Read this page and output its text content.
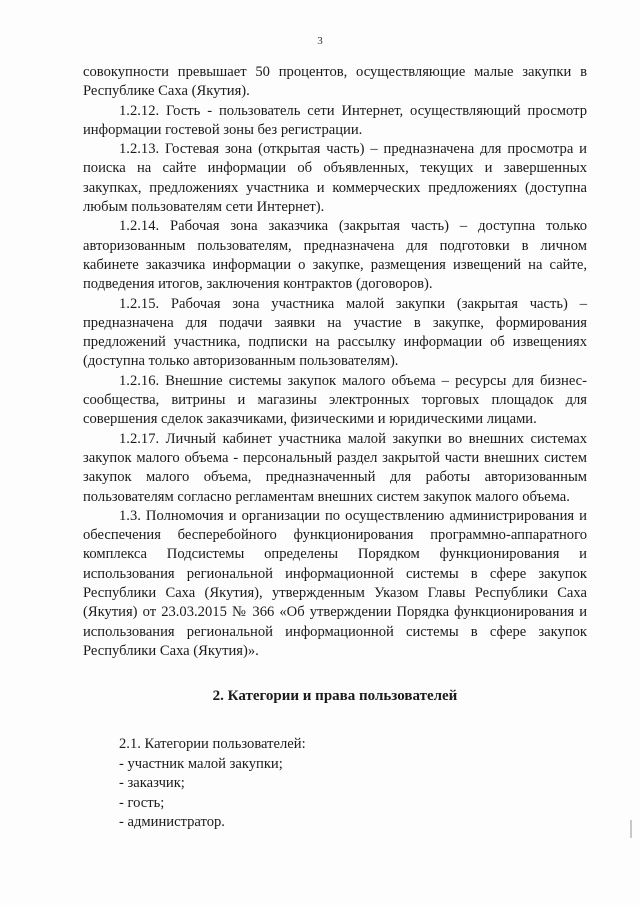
3

совокупности превышает 50 процентов, осуществляющие малые закупки в Республике Саха (Якутия).

1.2.12. Гость - пользователь сети Интернет, осуществляющий просмотр информации гостевой зоны без регистрации.

1.2.13. Гостевая зона (открытая часть) – предназначена для просмотра и поиска на сайте информации об объявленных, текущих и завершенных закупках, предложениях участника и коммерческих предложениях (доступна любым пользователям сети Интернет).

1.2.14. Рабочая зона заказчика (закрытая часть) – доступна только авторизованным пользователям, предназначена для подготовки в личном кабинете заказчика информации о закупке, размещения извещений на сайте, подведения итогов, заключения контрактов (договоров).

1.2.15. Рабочая зона участника малой закупки (закрытая часть) – предназначена для подачи заявки на участие в закупке, формирования предложений участника, подписки на рассылку информации об извещениях (доступна только авторизованным пользователям).

1.2.16. Внешние системы закупок малого объема – ресурсы для бизнес-сообщества, витрины и магазины электронных торговых площадок для совершения сделок заказчиками, физическими и юридическими лицами.

1.2.17. Личный кабинет участника малой закупки во внешних системах закупок малого объема - персональный раздел закрытой части внешних систем закупок малого объема, предназначенный для работы авторизованным пользователям согласно регламентам внешних систем закупок малого объема.

1.3. Полномочия и организации по осуществлению администрирования и обеспечения бесперебойного функционирования программно-аппаратного комплекса Подсистемы определены Порядком функционирования и использования региональной информационной системы в сфере закупок Республики Саха (Якутия), утвержденным Указом Главы Республики Саха (Якутия) от 23.03.2015 № 366 «Об утверждении Порядка функционирования и использования региональной информационной системы в сфере закупок Республики Саха (Якутия)».

2. Категории и права пользователей
2.1. Категории пользователей:
- участник малой закупки;
- заказчик;
- гость;
- администратор.
